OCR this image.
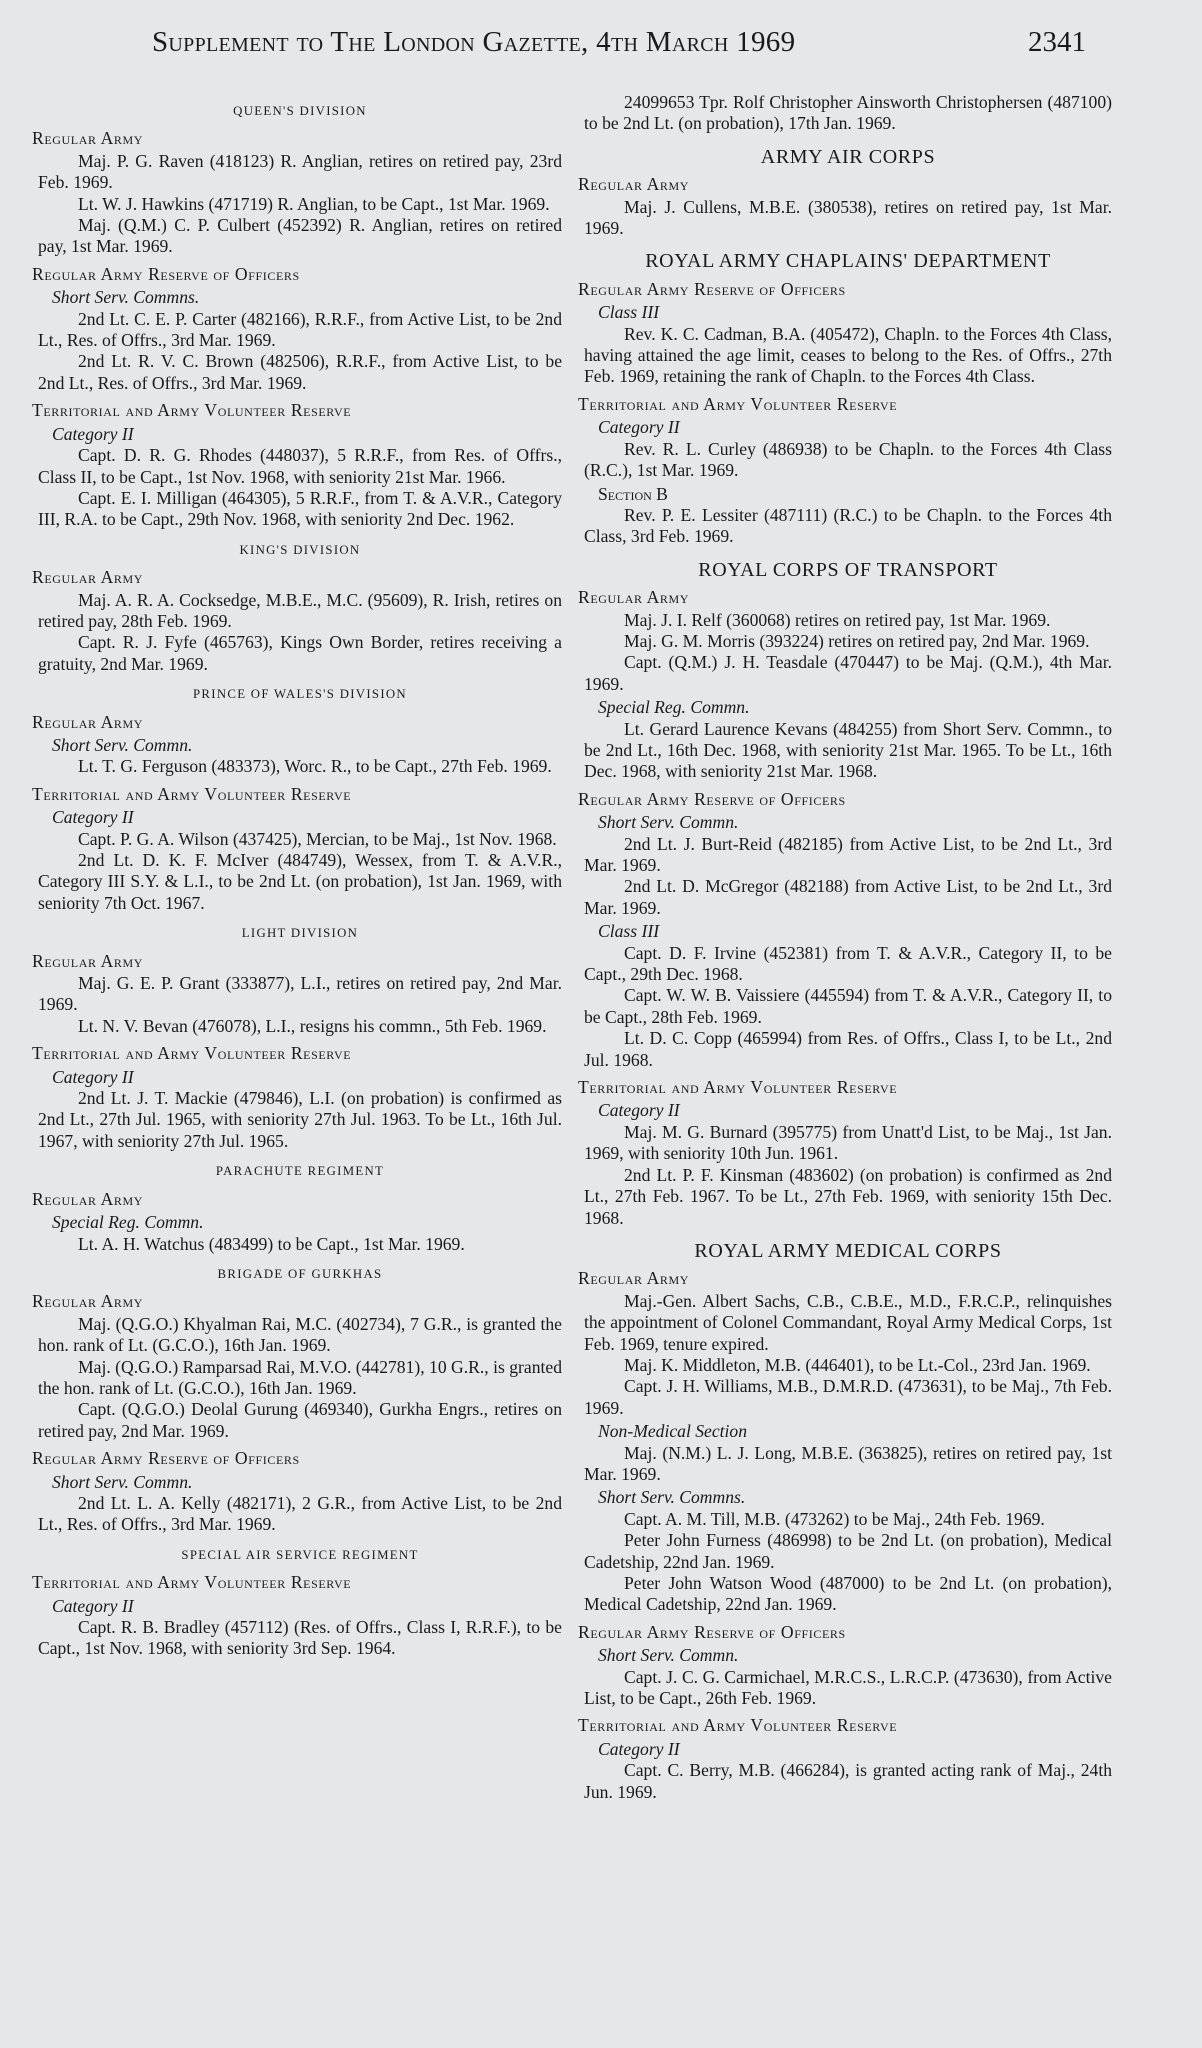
Supplement to The London Gazette, 4th March 1969	2341
QUEEN'S DIVISION
Regular Army

Maj. P. G. Raven (418123) R. Anglian, retires on retired pay, 23rd Feb. 1969.

Lt. W. J. Hawkins (471719) R. Anglian, to be Capt., 1st Mar. 1969.

Maj. (Q.M.) C. P. Culbert (452392) R. Anglian, retires on retired pay, 1st Mar. 1969.

Regular Army Reserve of Officers
Short Serv. Commns.

2nd Lt. C. E. P. Carter (482166), R.R.F., from Active List, to be 2nd Lt., Res. of Offrs., 3rd Mar. 1969.

2nd Lt. R. V. C. Brown (482506), R.R.F., from Active List, to be 2nd Lt., Res. of Offrs., 3rd Mar. 1969.

Territorial and Army Volunteer Reserve
Category II

Capt. D. R. G. Rhodes (448037), 5 R.R.F., from Res. of Offrs., Class II, to be Capt., 1st Nov. 1968, with seniority 21st Mar. 1966.

Capt. E. I. Milligan (464305), 5 R.R.F., from T. & A.V.R., Category III, R.A. to be Capt., 29th Nov. 1968, with seniority 2nd Dec. 1962.

KING'S DIVISION
Regular Army

Maj. A. R. A. Cocksedge, M.B.E., M.C. (95609), R. Irish, retires on retired pay, 28th Feb. 1969.

Capt. R. J. Fyfe (465763), Kings Own Border, retires receiving a gratuity, 2nd Mar. 1969.

PRINCE OF WALES'S DIVISION
Regular Army
Short Serv. Commn.

Lt. T. G. Ferguson (483373), Worc. R., to be Capt., 27th Feb. 1969.

Territorial and Army Volunteer Reserve
Category II

Capt. P. G. A. Wilson (437425), Mercian, to be Maj., 1st Nov. 1968.

2nd Lt. D. K. F. McIver (484749), Wessex, from T. & A.V.R., Category III S.Y. & L.I., to be 2nd Lt. (on probation), 1st Jan. 1969, with seniority 7th Oct. 1967.

LIGHT DIVISION
Regular Army

Maj. G. E. P. Grant (333877), L.I., retires on retired pay, 2nd Mar. 1969.

Lt. N. V. Bevan (476078), L.I., resigns his commn., 5th Feb. 1969.

Territorial and Army Volunteer Reserve
Category II

2nd Lt. J. T. Mackie (479846), L.I. (on probation) is confirmed as 2nd Lt., 27th Jul. 1965, with seniority 27th Jul. 1963. To be Lt., 16th Jul. 1967, with seniority 27th Jul. 1965.

PARACHUTE REGIMENT
Regular Army
Special Reg. Commn.

Lt. A. H. Watchus (483499) to be Capt., 1st Mar. 1969.

BRIGADE OF GURKHAS
Regular Army

Maj. (Q.G.O.) Khyalman Rai, M.C. (402734), 7 G.R., is granted the hon. rank of Lt. (G.C.O.), 16th Jan. 1969.

Maj. (Q.G.O.) Ramparsad Rai, M.V.O. (442781), 10 G.R., is granted the hon. rank of Lt. (G.C.O.), 16th Jan. 1969.

Capt. (Q.G.O.) Deolal Gurung (469340), Gurkha Engrs., retires on retired pay, 2nd Mar. 1969.

Regular Army Reserve of Officers
Short Serv. Commn.

2nd Lt. L. A. Kelly (482171), 2 G.R., from Active List, to be 2nd Lt., Res. of Offrs., 3rd Mar. 1969.

SPECIAL AIR SERVICE REGIMENT
Territorial and Army Volunteer Reserve
Category II

Capt. R. B. Bradley (457112) (Res. of Offrs., Class I, R.R.F.), to be Capt., 1st Nov. 1968, with seniority 3rd Sep. 1964.

24099653 Tpr. Rolf Christopher Ainsworth Christophersen (487100) to be 2nd Lt. (on probation), 17th Jan. 1969.

ARMY AIR CORPS
Regular Army

Maj. J. Cullens, M.B.E. (380538), retires on retired pay, 1st Mar. 1969.

ROYAL ARMY CHAPLAINS' DEPARTMENT
Regular Army Reserve of Officers
Class III

Rev. K. C. Cadman, B.A. (405472), Chapln. to the Forces 4th Class, having attained the age limit, ceases to belong to the Res. of Offrs., 27th Feb. 1969, retaining the rank of Chapln. to the Forces 4th Class.

Territorial and Army Volunteer Reserve
Category II

Rev. R. L. Curley (486938) to be Chapln. to the Forces 4th Class (R.C.), 1st Mar. 1969.

Section B

Rev. P. E. Lessiter (487111) (R.C.) to be Chapln. to the Forces 4th Class, 3rd Feb. 1969.

ROYAL CORPS OF TRANSPORT
Regular Army

Maj. J. I. Relf (360068) retires on retired pay, 1st Mar. 1969.

Maj. G. M. Morris (393224) retires on retired pay, 2nd Mar. 1969.

Capt. (Q.M.) J. H. Teasdale (470447) to be Maj. (Q.M.), 4th Mar. 1969.

Special Reg. Commn.

Lt. Gerard Laurence Kevans (484255) from Short Serv. Commn., to be 2nd Lt., 16th Dec. 1968, with seniority 21st Mar. 1965. To be Lt., 16th Dec. 1968, with seniority 21st Mar. 1968.

Regular Army Reserve of Officers
Short Serv. Commn.

2nd Lt. J. Burt-Reid (482185) from Active List, to be 2nd Lt., 3rd Mar. 1969.

2nd Lt. D. McGregor (482188) from Active List, to be 2nd Lt., 3rd Mar. 1969.

Class III

Capt. D. F. Irvine (452381) from T. & A.V.R., Category II, to be Capt., 29th Dec. 1968.

Capt. W. W. B. Vaissiere (445594) from T. & A.V.R., Category II, to be Capt., 28th Feb. 1969.

Lt. D. C. Copp (465994) from Res. of Offrs., Class I, to be Lt., 2nd Jul. 1968.

Territorial and Army Volunteer Reserve
Category II

Maj. M. G. Burnard (395775) from Unatt'd List, to be Maj., 1st Jan. 1969, with seniority 10th Jun. 1961.

2nd Lt. P. F. Kinsman (483602) (on probation) is confirmed as 2nd Lt., 27th Feb. 1967. To be Lt., 27th Feb. 1969, with seniority 15th Dec. 1968.

ROYAL ARMY MEDICAL CORPS
Regular Army

Maj.-Gen. Albert Sachs, C.B., C.B.E., M.D., F.R.C.P., relinquishes the appointment of Colonel Commandant, Royal Army Medical Corps, 1st Feb. 1969, tenure expired.

Maj. K. Middleton, M.B. (446401), to be Lt.-Col., 23rd Jan. 1969.

Capt. J. H. Williams, M.B., D.M.R.D. (473631), to be Maj., 7th Feb. 1969.

Non-Medical Section

Maj. (N.M.) L. J. Long, M.B.E. (363825), retires on retired pay, 1st Mar. 1969.

Short Serv. Commns.

Capt. A. M. Till, M.B. (473262) to be Maj., 24th Feb. 1969.

Peter John Furness (486998) to be 2nd Lt. (on probation), Medical Cadetship, 22nd Jan. 1969.

Peter John Watson Wood (487000) to be 2nd Lt. (on probation), Medical Cadetship, 22nd Jan. 1969.

Regular Army Reserve of Officers
Short Serv. Commn.

Capt. J. C. G. Carmichael, M.R.C.S., L.R.C.P. (473630), from Active List, to be Capt., 26th Feb. 1969.

Territorial and Army Volunteer Reserve
Category II

Capt. C. Berry, M.B. (466284), is granted acting rank of Maj., 24th Jun. 1969.
